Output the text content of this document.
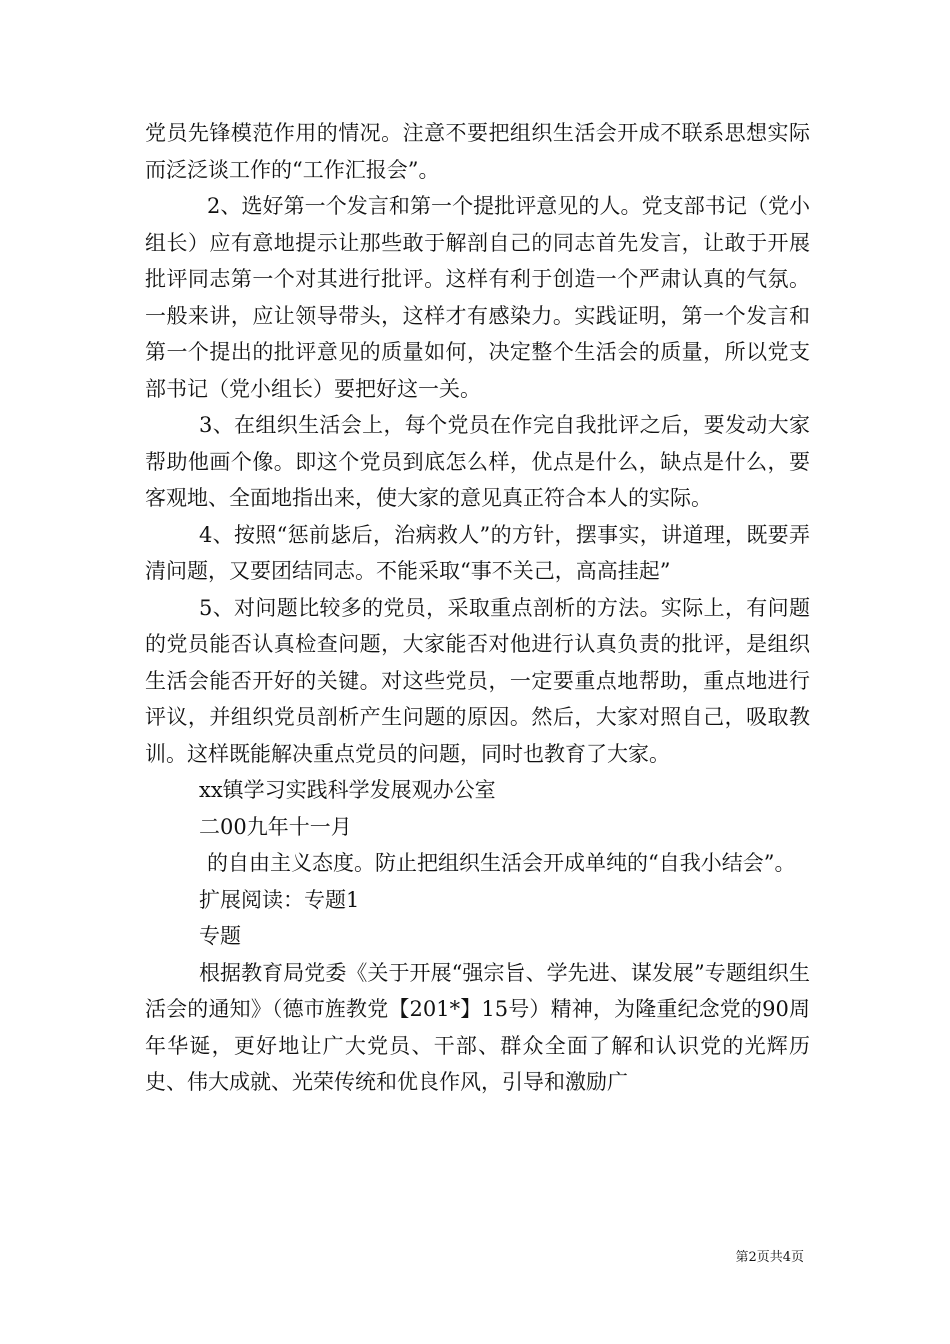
党员先锋模范作用的情况。注意不要把组织生活会开成不联系思想实际而泛泛谈工作的“工作汇报会”。

2、选好第一个发言和第一个提批评意见的人。党支部书记（党小组长）应有意地提示让那些敢于解剖自己的同志首先发言，让敢于开展批评同志第一个对其进行批评。这样有利于创造一个严肃认真的气氛。一般来讲，应让领导带头，这样才有感染力。实践证明，第一个发言和第一个提出的批评意见的质量如何，决定整个生活会的质量，所以党支部书记（党小组长）要把好这一关。

3、在组织生活会上，每个党员在作完自我批评之后，要发动大家帮助他画个像。即这个党员到底怎么样，优点是什么，缺点是什么，要客观地、全面地指出来，使大家的意见真正符合本人的实际。

4、按照“惩前毖后，治病救人”的方针，摆事实，讲道理，既要弄清问题，又要团结同志。不能采取“事不关己，高高挂起”

5、对问题比较多的党员，采取重点剖析的方法。实际上，有问题的党员能否认真检查问题，大家能否对他进行认真负责的批评，是组织生活会能否开好的关键。对这些党员，一定要重点地帮助，重点地进行评议，并组织党员剖析产生问题的原因。然后，大家对照自己，吸取教训。这样既能解决重点党员的问题，同时也教育了大家。

xx镇学习实践科学发展观办公室

二00九年十一月

的自由主义态度。防止把组织生活会开成单纯的“自我小结会”。

扩展阅读：专题1

专题

根据教育局党委《关于开展“强宗旨、学先进、谋发展”专题组织生活会的通知》（德市旌教党【201*】15号）精神，为隆重纪念党的90周年华诞，更好地让广大党员、干部、群众全面了解和认识党的光辉历史、伟大成就、光荣传统和优良作风，引导和激励广

第2页共4页
